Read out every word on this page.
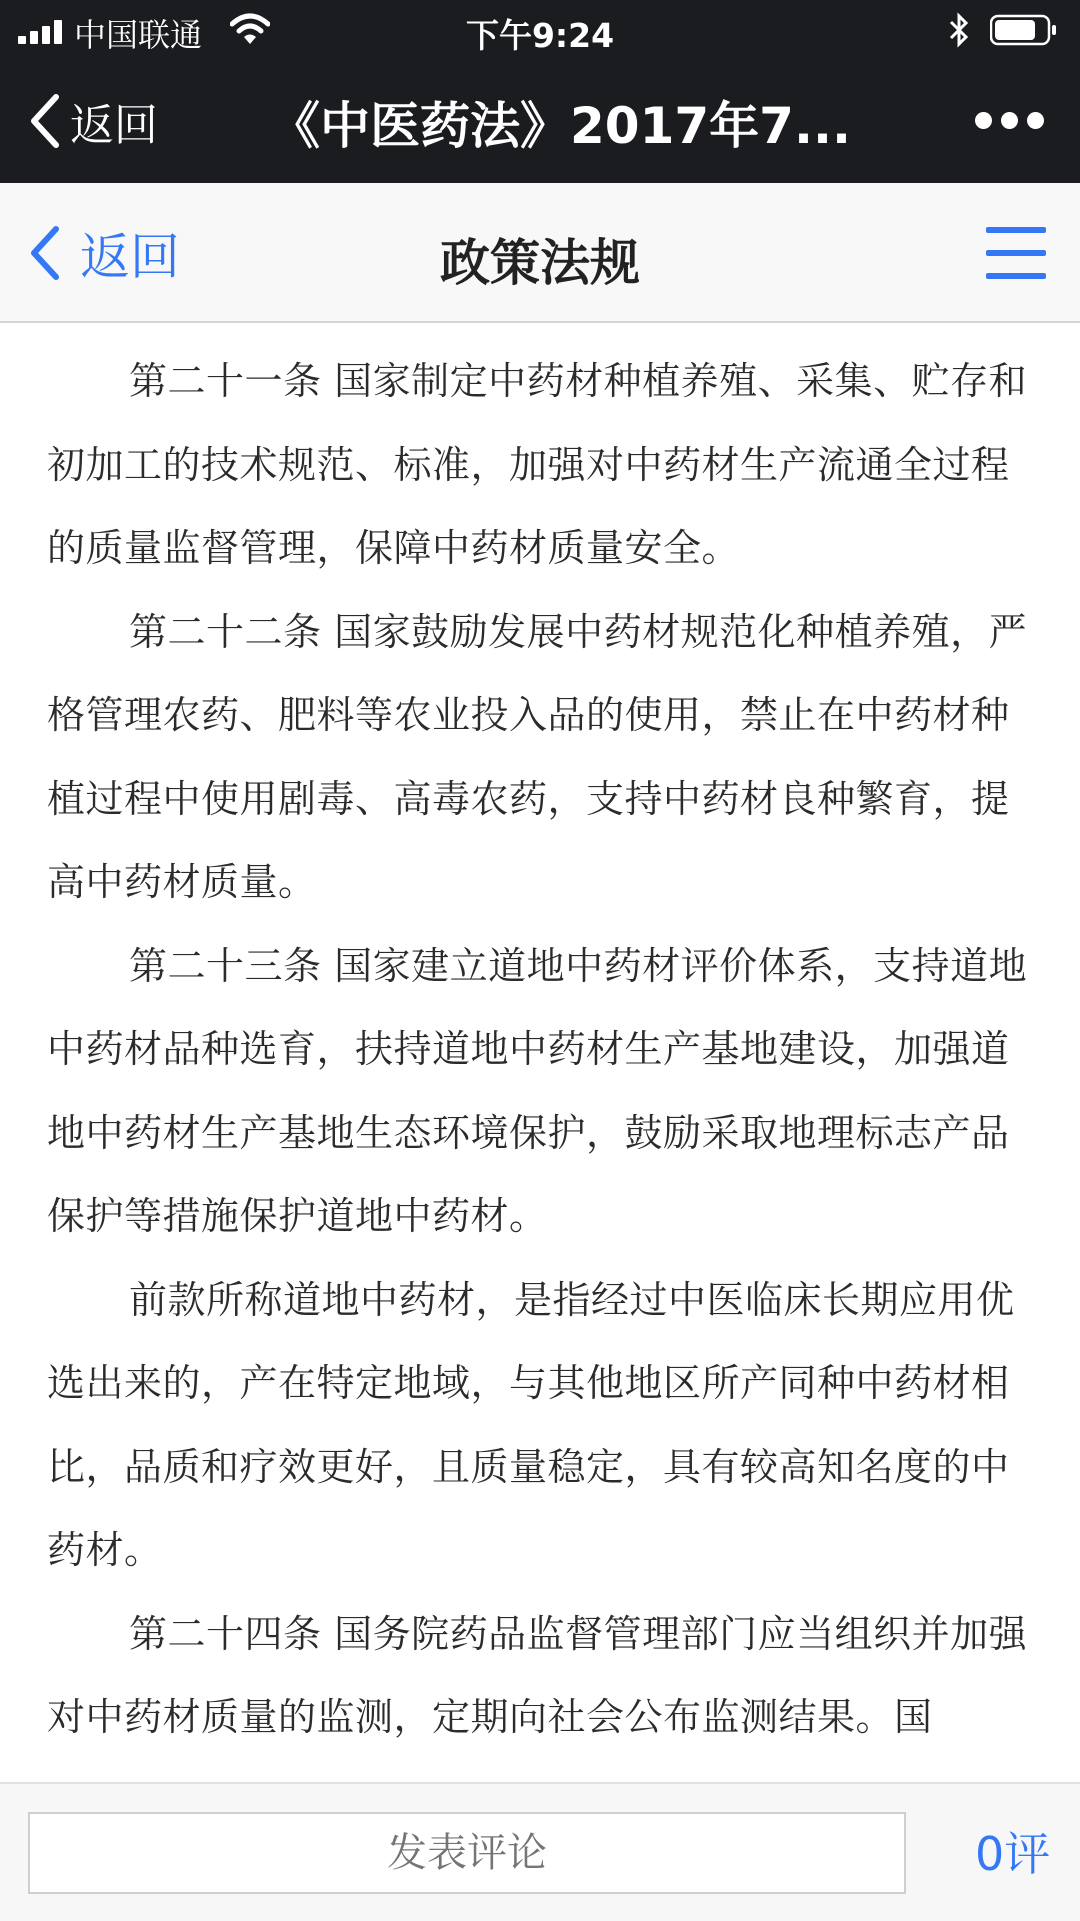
中国联通	下午9:24
返回 《中医药法》2017年7...
返回	政策法规

第二十一条 国家制定中药材种植养殖、采集、贮存和初加工的技术规范、标准，加强对中药材生产流通全过程的质量监督管理，保障中药材质量安全。

第二十二条 国家鼓励发展中药材规范化种植养殖，严格管理农药、肥料等农业投入品的使用，禁止在中药材种植过程中使用剧毒、高毒农药，支持中药材良种繁育，提高中药材质量。

第二十三条 国家建立道地中药材评价体系，支持道地中药材品种选育，扶持道地中药材生产基地建设，加强道地中药材生产基地生态环境保护，鼓励采取地理标志产品保护等措施保护道地中药材。

前款所称道地中药材，是指经过中医临床长期应用优选出来的，产在特定地域，与其他地区所产同种中药材相比，品质和疗效更好，且质量稳定，具有较高知名度的中药材。

第二十四条 国务院药品监督管理部门应当组织并加强对中药材质量的监测，定期向社会公布监测结果。国

发表评论
0评
